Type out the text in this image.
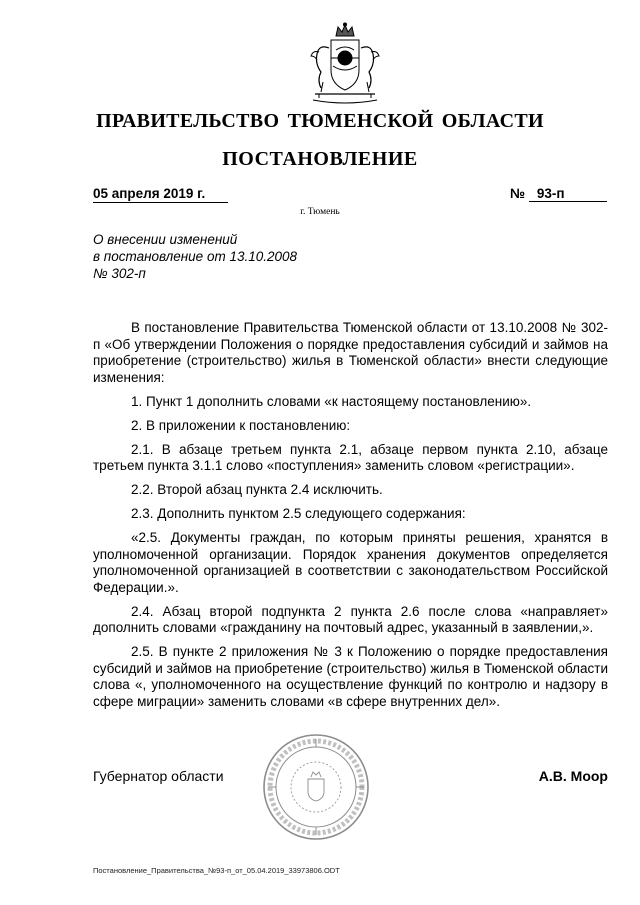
ПРАВИТЕЛЬСТВО ТЮМЕНСКОЙ ОБЛАСТИ
ПОСТАНОВЛЕНИЕ
05 апреля 2019 г.	№ 93-п
г. Тюмень
О внесении изменений
в постановление от 13.10.2008
№ 302-п

В постановление Правительства Тюменской области от 13.10.2008 № 302-п «Об утверждении Положения о порядке предоставления субсидий и займов на приобретение (строительство) жилья в Тюменской области» внести следующие изменения:

1. Пункт 1 дополнить словами «к настоящему постановлению».

2. В приложении к постановлению:

2.1. В абзаце третьем пункта 2.1, абзаце первом пункта 2.10, абзаце третьем пункта 3.1.1 слово «поступления» заменить словом «регистрации».

2.2. Второй абзац пункта 2.4 исключить.

2.3. Дополнить пунктом 2.5 следующего содержания:

«2.5. Документы граждан, по которым приняты решения, хранятся в уполномоченной организации. Порядок хранения документов определяется уполномоченной организацией в соответствии с законодательством Российской Федерации.».

2.4. Абзац второй подпункта 2 пункта 2.6 после слова «направляет» дополнить словами «гражданину на почтовый адрес, указанный в заявлении,».

2.5. В пункте 2 приложения № 3 к Положению о порядке предоставления субсидий и займов на приобретение (строительство) жилья в Тюменской области слова «, уполномоченного на осуществление функций по контролю и надзору в сфере миграции» заменить словами «в сфере внутренних дел».

Губернатор области	А.В. Моор
Постановление_Правительства_№93-п_от_05.04.2019_33973806.ODT
